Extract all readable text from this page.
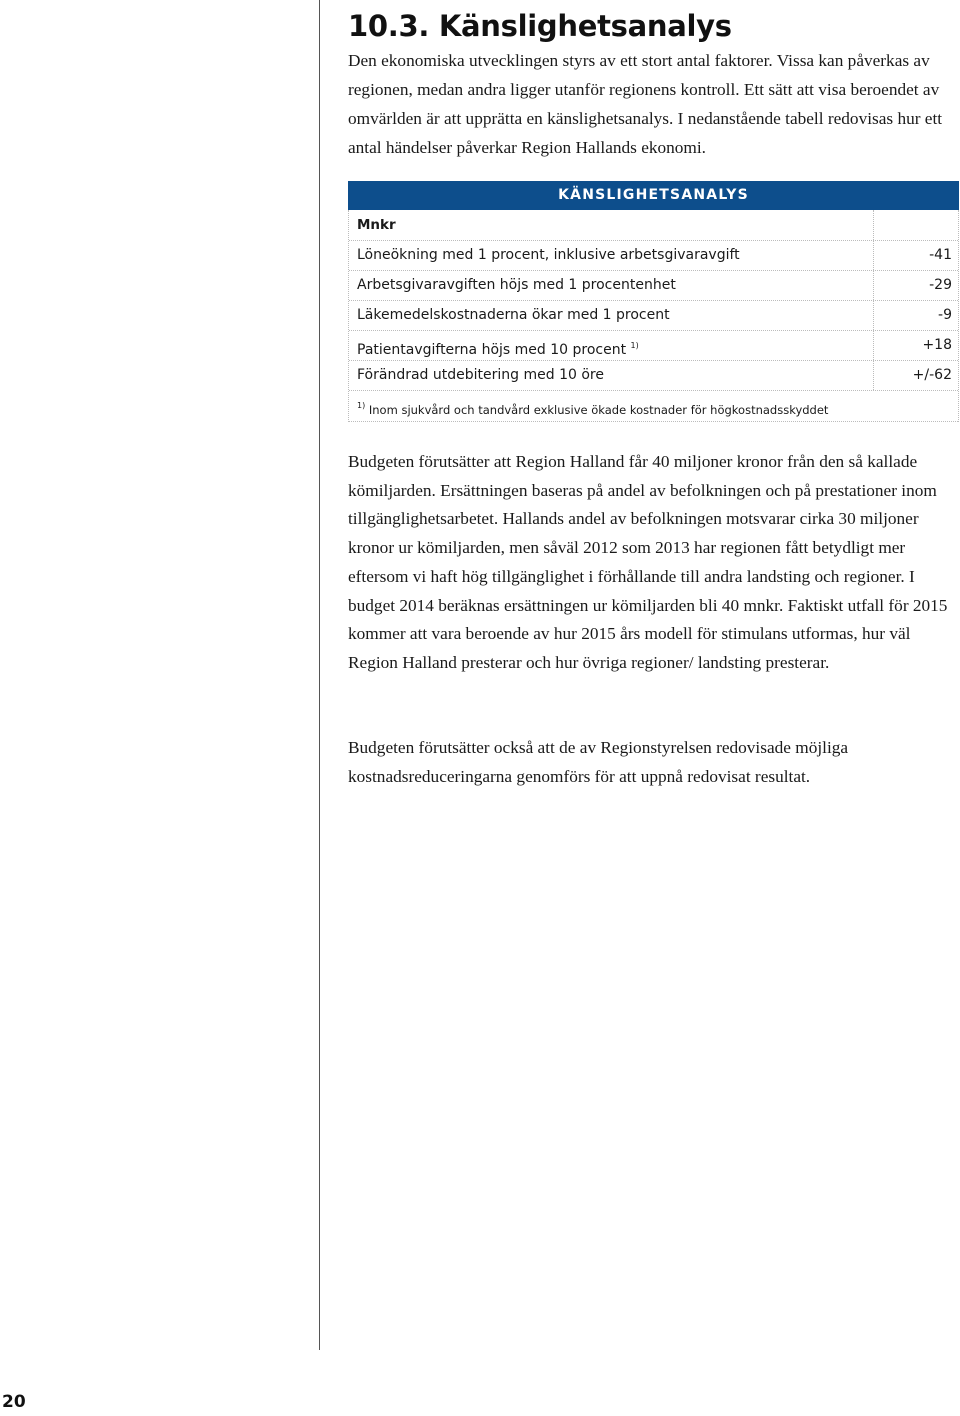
10.3. Känslighetsanalys

Den ekonomiska utvecklingen styrs av ett stort antal faktorer. Vissa kan påverkas av regionen, medan andra ligger utanför regionens kontroll. Ett sätt att visa beroendet av omvärlden är att upprätta en känslighetsanalys. I nedanstående tabell redovisas hur ett antal händelser påverkar Region Hallands ekonomi.

KÄNSLIGHETSANALYS
Mnkr
Löneökning med 1 procent, inklusive arbetsgivaravgift	-41
Arbetsgivaravgiften höjs med 1 procentenhet	-29
Läkemedelskostnaderna ökar med 1 procent	-9
Patientavgifterna höjs med 10 procent $^{1)}$	+18
Förändrad utdebitering med 10 öre	+/-62
$^{1)}$ Inom sjukvård och tandvård exklusive ökade kostnader för högkostnadsskyddet

Budgeten förutsätter att Region Halland får 40 miljoner kronor från den så kallade kömiljarden. Ersättningen baseras på andel av befolkningen och på prestationer inom tillgänglighetsarbetet. Hallands andel av befolkningen motsvarar cirka 30 miljoner kronor ur kömiljarden, men såväl 2012 som 2013 har regionen fått betydligt mer eftersom vi haft hög tillgänglighet i förhållande till andra landsting och regioner. I budget 2014 beräknas ersättningen ur kömiljarden bli 40 mnkr. Faktiskt utfall för 2015 kommer att vara beroende av hur 2015 års modell för stimulans utformas, hur väl Region Halland presterar och hur övriga regioner/ landsting presterar.

Budgeten förutsätter också att de av Regionstyrelsen redovisade möjliga kostnadsreduceringarna genomförs för att uppnå redovisat resultat.

20
